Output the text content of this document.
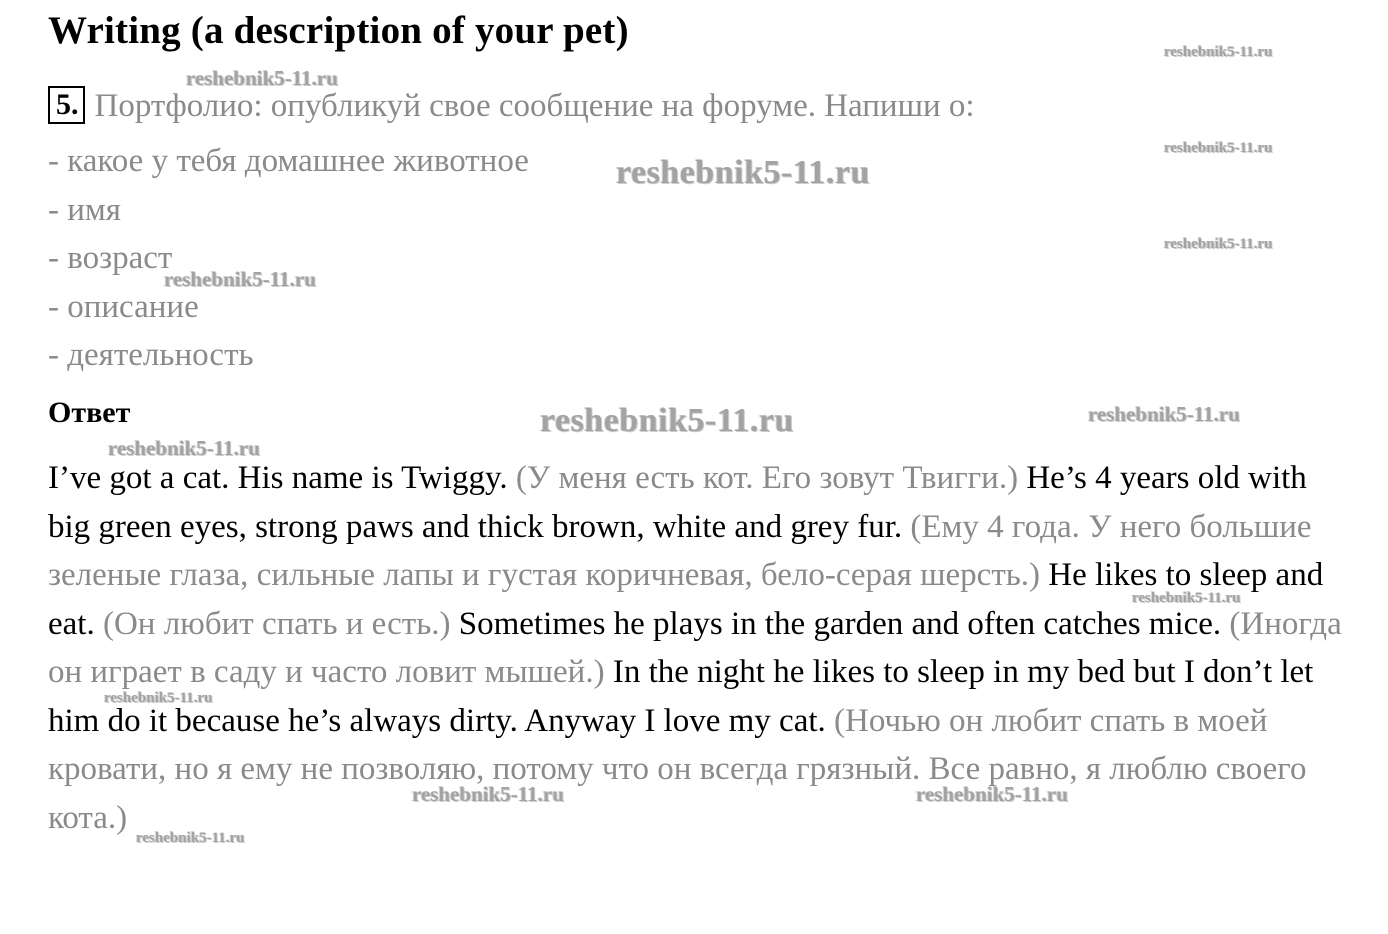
Writing (a description of your pet)
5. Портфолио: опубликуй свое сообщение на форуме. Напиши о:
- какое у тебя домашнее животное
- имя
- возраст
- описание
- деятельность
Ответ

I’ve got a cat. His name is Twiggy. (У меня есть кот. Его зовут Твигги.) He’s 4 years old with big green eyes, strong paws and thick brown, white and grey fur. (Ему 4 года. У него большие зеленые глаза, сильные лапы и густая коричневая, бело-серая шерсть.) He likes to sleep and eat. (Он любит спать и есть.) Sometimes he plays in the garden and often catches mice. (Иногда он играет в саду и часто ловит мышей.) In the night he likes to sleep in my bed but I don’t let him do it because he’s always dirty. Anyway I love my cat. (Ночью он любит спать в моей кровати, но я ему не позволяю, потому что он всегда грязный. Все равно, я люблю своего кота.)

reshebnik5-11.ru
reshebnik5-11.ru
reshebnik5-11.ru
reshebnik5-11.ru
reshebnik5-11.ru
reshebnik5-11.ru
reshebnik5-11.ru	reshebnik5-11.ru
reshebnik5-11.ru
reshebnik5-11.ru
reshebnik5-11.ru
reshebnik5-11.ru	reshebnik5-11.ru
reshebnik5-11.ru
